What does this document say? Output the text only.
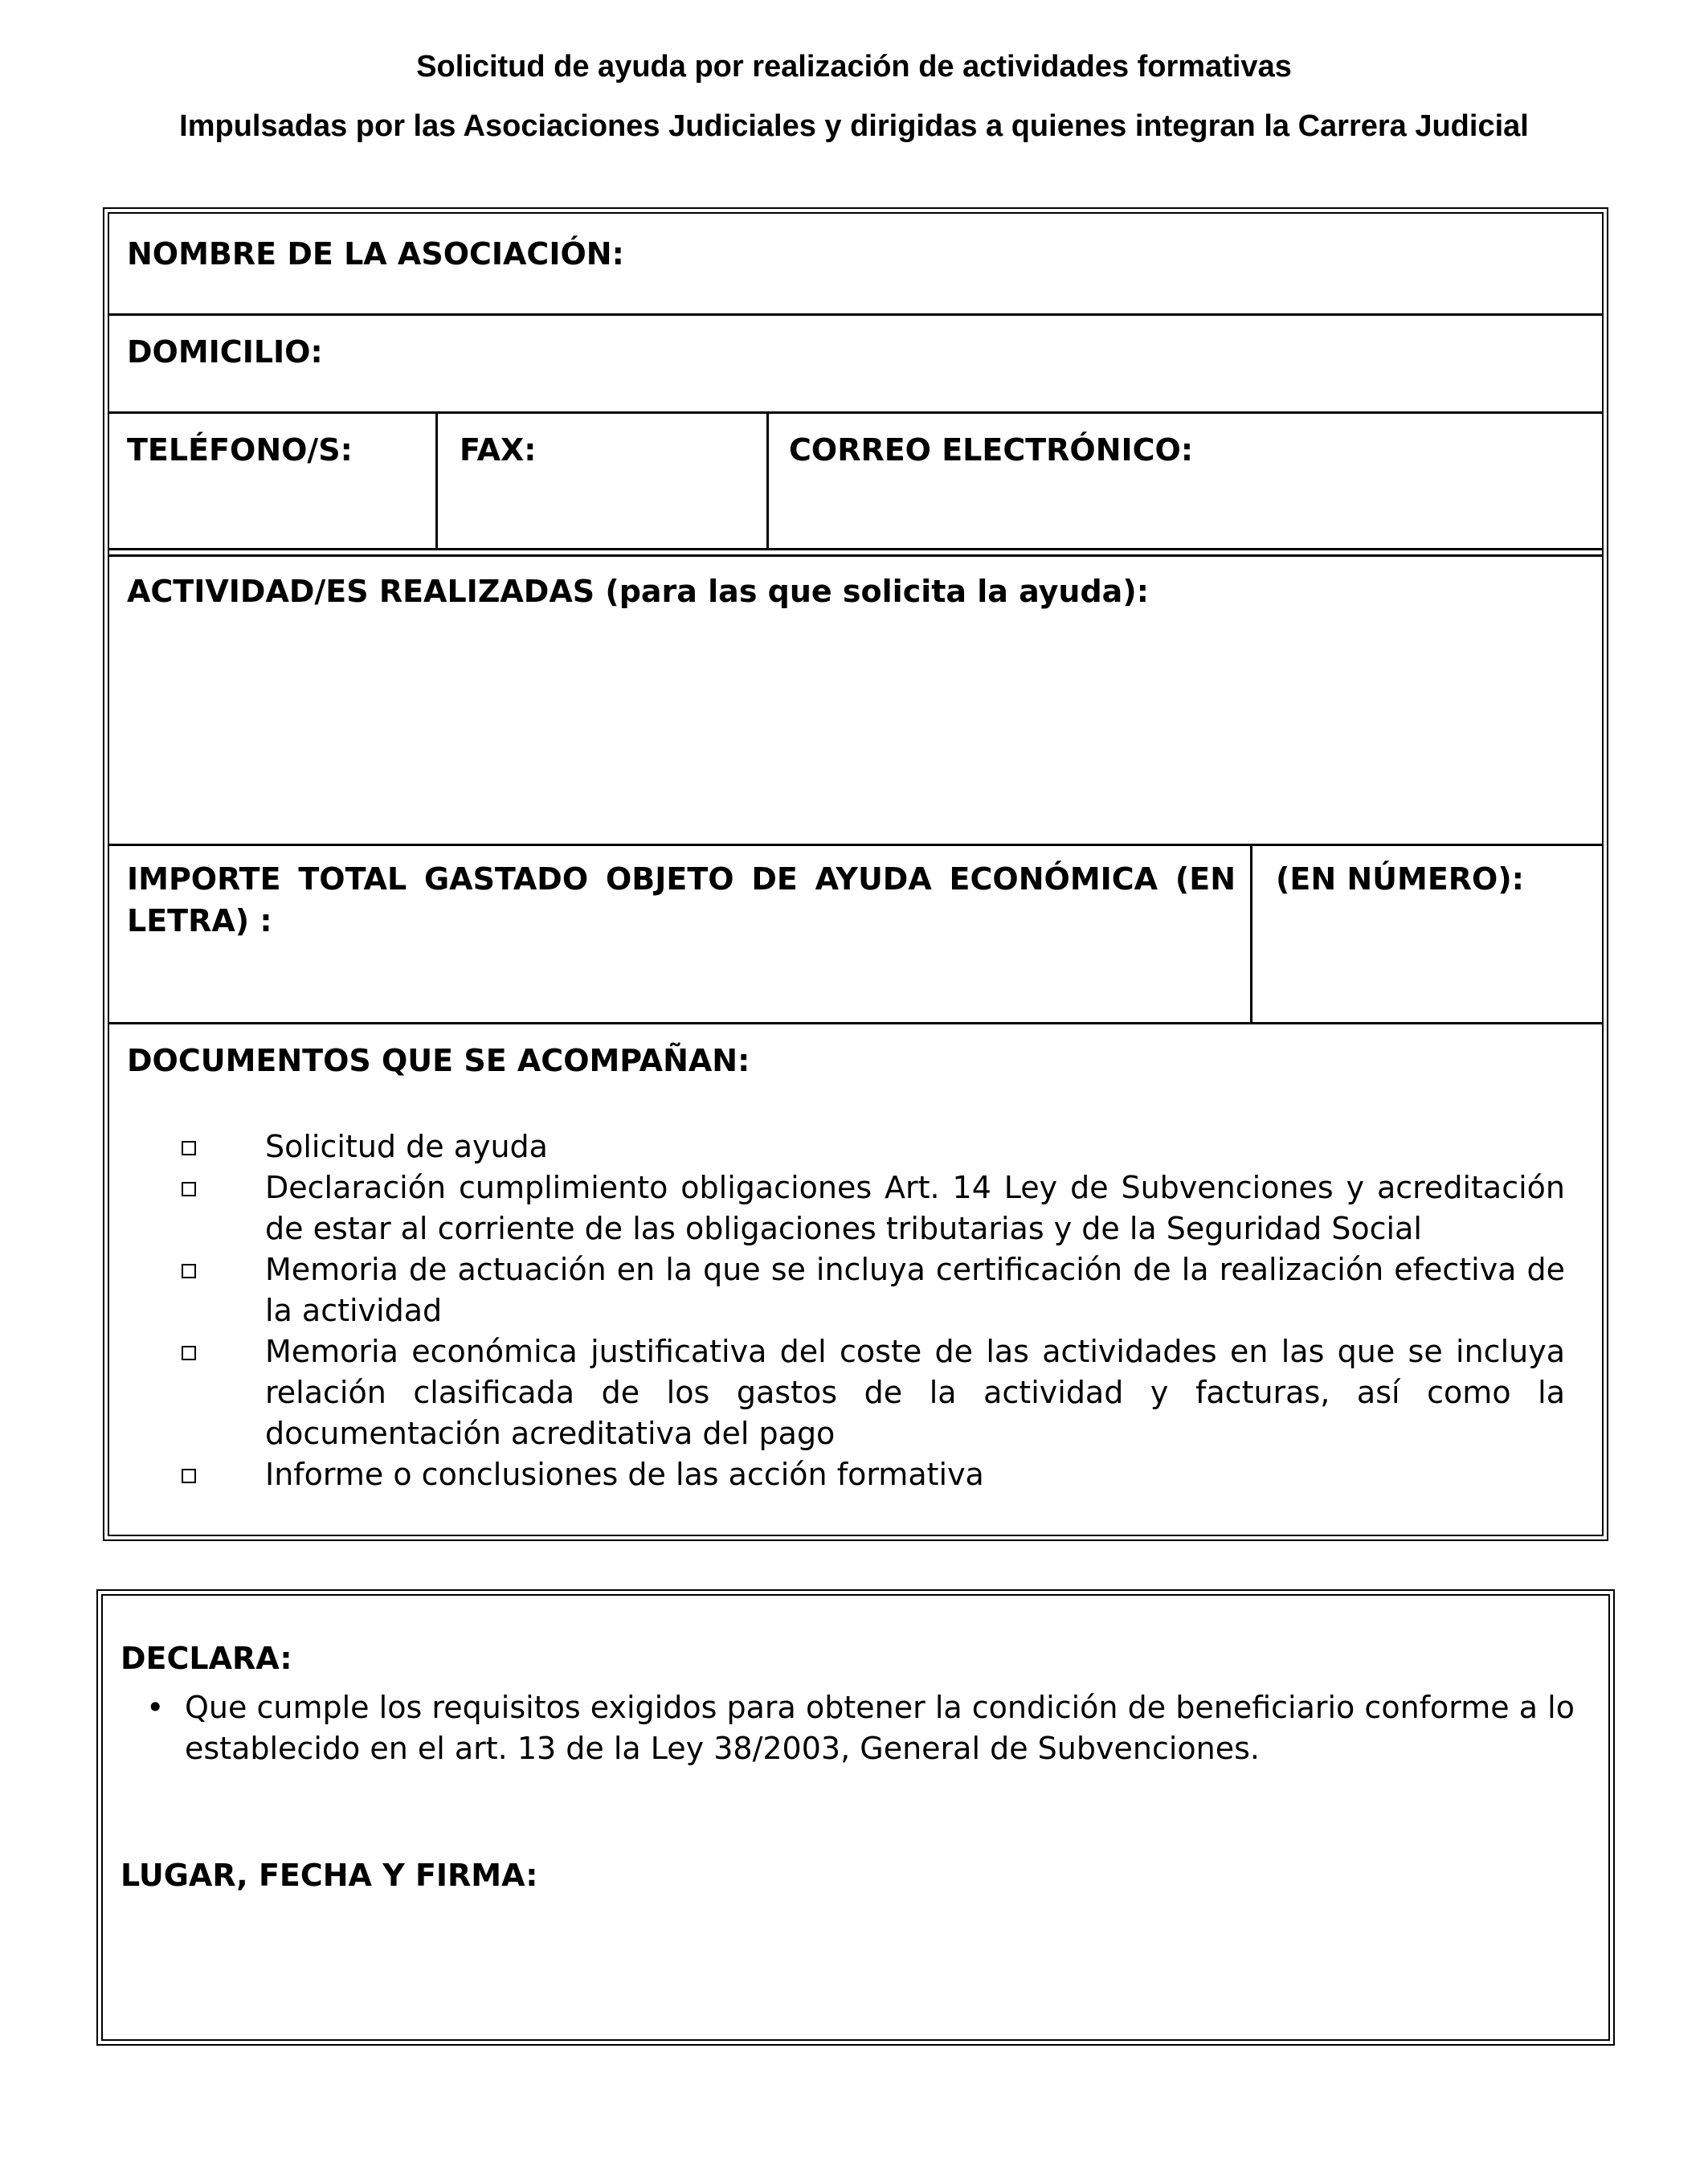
Solicitud de ayuda por realización de actividades formativas
Impulsadas por las Asociaciones Judiciales y dirigidas a quienes integran la Carrera Judicial
NOMBRE DE LA ASOCIACIÓN:
DOMICILIO:
TELÉFONO/S:	FAX:	CORREO ELECTRÓNICO:
ACTIVIDAD/ES REALIZADAS (para las que solicita la ayuda):
IMPORTE TOTAL GASTADO OBJETO DE AYUDA ECONÓMICA (EN LETRA) :
(EN NÚMERO):
DOCUMENTOS QUE SE ACOMPAÑAN:
Solicitud de ayuda
Declaración cumplimiento obligaciones Art. 14 Ley de Subvenciones y acreditación de estar al corriente de las obligaciones tributarias y de la Seguridad Social
Memoria de actuación en la que se incluya certificación de la realización efectiva de la actividad
Memoria económica justificativa del coste de las actividades en las que se incluya relación clasificada de los gastos de la actividad y facturas, así como la documentación acreditativa del pago
Informe o conclusiones de las acción formativa
DECLARA:
• Que cumple los requisitos exigidos para obtener la condición de beneficiario conforme a lo establecido en el art. 13 de la Ley 38/2003, General de Subvenciones.
LUGAR, FECHA Y FIRMA:
